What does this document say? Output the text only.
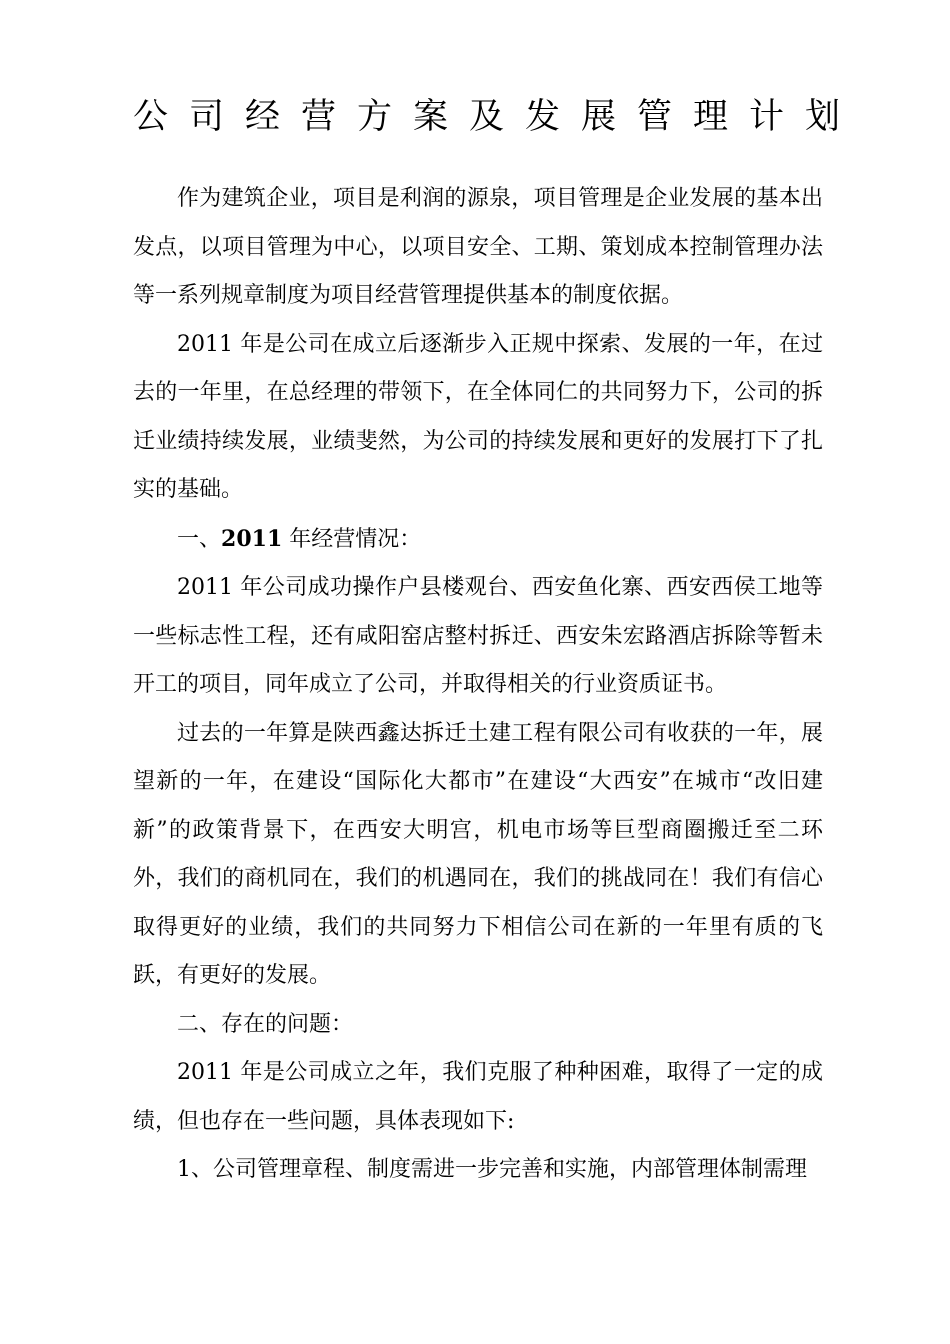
公司经营方案及发展管理计划

作为建筑企业，项目是利润的源泉，项目管理是企业发展的基本出发点，以项目管理为中心，以项目安全、工期、策划成本控制管理办法等一系列规章制度为项目经营管理提供基本的制度依据。

2011 年是公司在成立后逐渐步入正规中探索、发展的一年，在过去的一年里，在总经理的带领下，在全体同仁的共同努力下，公司的拆迁业绩持续发展，业绩斐然，为公司的持续发展和更好的发展打下了扎实的基础。

一、2011 年经营情况：

2011 年公司成功操作户县楼观台、西安鱼化寨、西安西侯工地等一些标志性工程，还有咸阳窑店整村拆迁、西安朱宏路酒店拆除等暂未开工的项目，同年成立了公司，并取得相关的行业资质证书。

过去的一年算是陕西鑫达拆迁土建工程有限公司有收获的一年，展望新的一年，在建设“国际化大都市”在建设“大西安”在城市“改旧建新”的政策背景下，在西安大明宫，机电市场等巨型商圈搬迁至二环外，我们的商机同在，我们的机遇同在，我们的挑战同在！我们有信心取得更好的业绩，我们的共同努力下相信公司在新的一年里有质的飞跃，有更好的发展。

二、存在的问题：

2011 年是公司成立之年，我们克服了种种困难，取得了一定的成绩，但也存在一些问题，具体表现如下:

1、公司管理章程、制度需进一步完善和实施，内部管理体制需理
